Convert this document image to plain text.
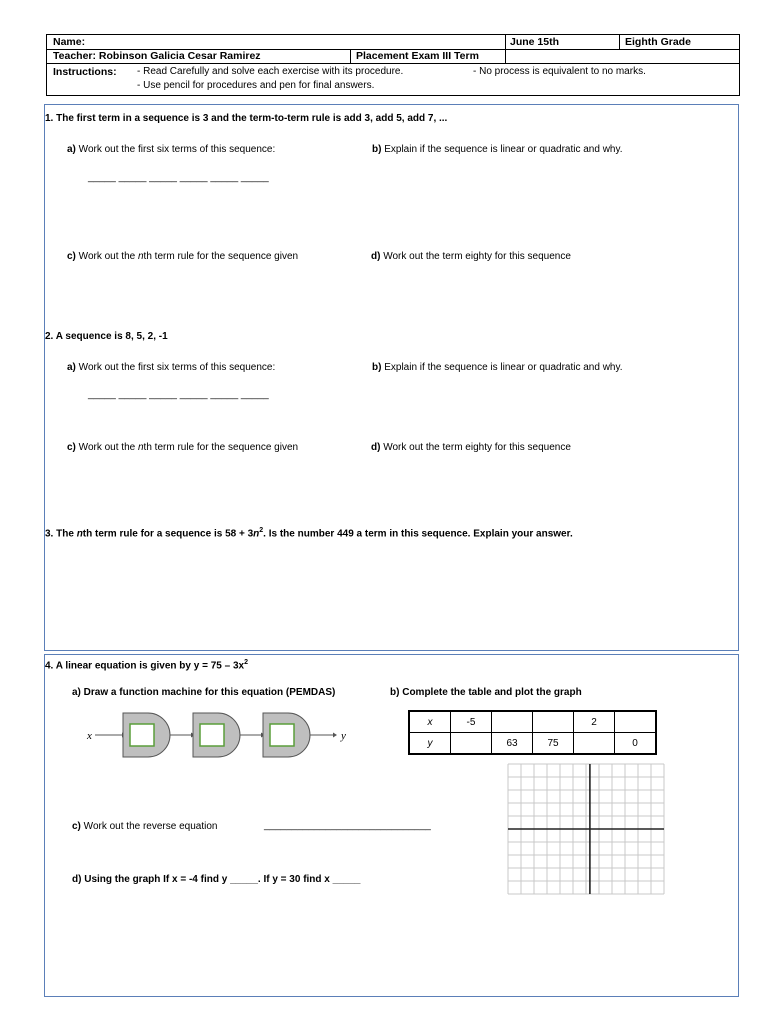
Name:	June 15th	Eighth Grade
Teacher: Robinson Galicia Cesar Ramirez	Placement Exam III Term
Instructions: - Read Carefully and solve each exercise with its procedure.	- No process is equivalent to no marks.
- Use pencil for procedures and pen for final answers.
1. The first term in a sequence is 3 and the term-to-term rule is add 3, add 5, add 7, ...
a) Work out the first six terms of this sequence:	b) Explain if the sequence is linear or quadratic and why.
_____ _____ _____ _____ _____ _____
c) Work out the nth term rule for the sequence given	d) Work out the term eighty for this sequence
2. A sequence is 8, 5, 2, -1
a) Work out the first six terms of this sequence:	b) Explain if the sequence is linear or quadratic and why.
_____ _____ _____ _____ _____ _____
c) Work out the nth term rule for the sequence given	d) Work out the term eighty for this sequence
3. The nth term rule for a sequence is $58 + 3n^2$. Is the number 449 a term in this sequence. Explain your answer.
4. A linear equation is given by $y = 75 - 3x^2$
a) Draw a function machine for this equation (PEMDAS)	b) Complete the table and plot the graph
x	y
x	-5			2	
y		63	75		0
c) Work out the reverse equation	______________________________
d) Using the graph If x = -4 find y _____. If y = 30 find x _____
